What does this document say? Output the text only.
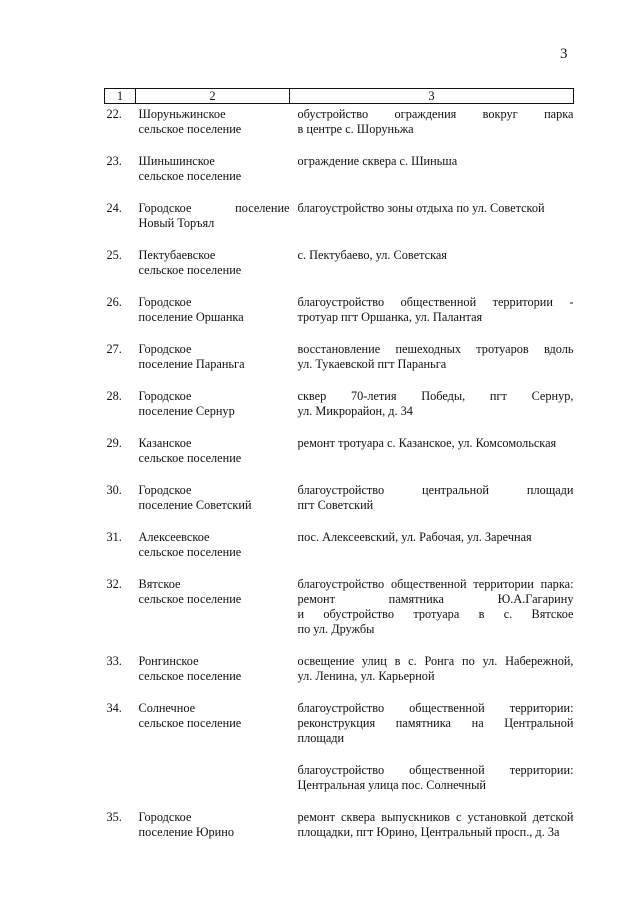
3
1	2	3
22.	Шоруньжинское
сельское поселение	обустройство ограждения вокруг парка
в центре с. Шоруньжа

23.	Шиньшинское
сельское поселение	ограждение сквера с. Шиньша

24.	Городское поселение
Новый Торъял	благоустройство зоны отдыха по ул. Советской

25.	Пектубаевское
сельское поселение	с. Пектубаево, ул. Советская

26.	Городское
поселение Оршанка	благоустройство общественной территории -
тротуар пгт Оршанка, ул. Палантая

27.	Городское
поселение Параньга	восстановление пешеходных тротуаров вдоль
ул. Тукаевской пгт Параньга

28.	Городское
поселение Сернур	сквер 70-летия Победы, пгт Сернур,
ул. Микрорайон, д. 34

29.	Казанское
сельское поселение	ремонт тротуара с. Казанское, ул. Комсомольская

30.	Городское
поселение Советский	благоустройство центральной площади
пгт Советский

31.	Алексеевское
сельское поселение	пос. Алексеевский, ул. Рабочая, ул. Заречная

32.	Вятское
сельское поселение	благоустройство общественной территории парка:
ремонт памятника Ю.А.Гагарину
и обустройство тротуара в с. Вятское
по ул. Дружбы

33.	Ронгинское
сельское поселение	освещение улиц в с. Ронга по ул. Набережной,
ул. Ленина, ул. Карьерной

34.	Солнечное
сельское поселение	благоустройство общественной территории:
реконструкция памятника на Центральной
площади

		благоустройство общественной территории:
Центральная улица пос. Солнечный

35.	Городское
поселение Юрино	ремонт сквера выпускников с установкой детской
площадки, пгт Юрино, Центральный просп., д. 3а
